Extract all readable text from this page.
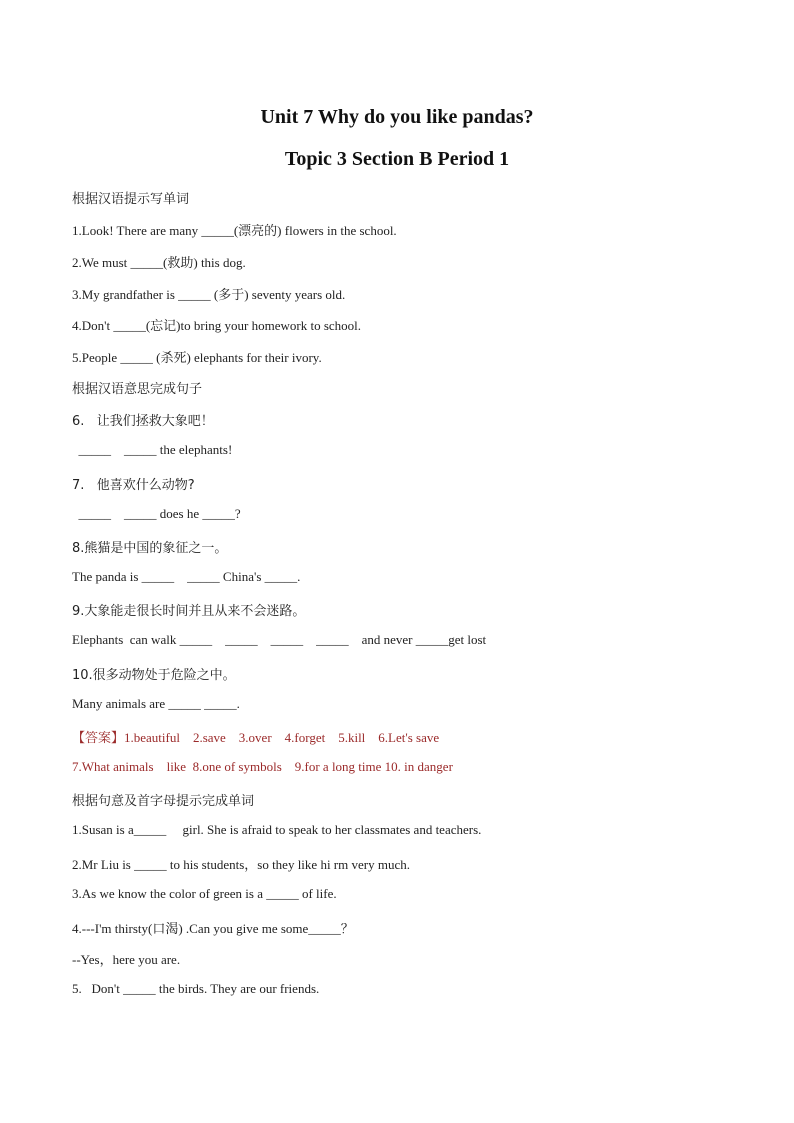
Unit 7 Why do you like pandas?
Topic 3 Section B Period 1
根据汉语提示写单词
1.Look! There are many _____(漂亮的) flowers in the school.
2.We must _____(救助) this dog.
3.My grandfather is _____ (多于) seventy years old.
4.Don't _____(忘记)to bring your homework to school.
5.People _____ (杀死) elephants for their ivory.
根据汉语意思完成句子
6.   让我们拯救大象吧！
_____    _____ the elephants!
7.   他喜欢什么动物?
_____    _____ does he _____?
8.熊猫是中国的象征之一。
The panda is _____    _____ China's _____.
9.大象能走很长时间并且从来不会迷路。
Elephants  can walk _____    _____    _____    _____    and never _____get lost
10.很多动物处于危险之中。
Many animals are _____ _____.
【答案】1.beautiful    2.save    3.over    4.forget    5.kill    6.Let's save
7.What animals    like  8.one of symbols    9.for a long time 10. in danger
根据句意及首字母提示完成单词
1.Susan is a_____     girl. She is afraid to speak to her classmates and teachers.
2.Mr Liu is _____ to his students，so they like hi rm very much.
3.As we know the color of green is a _____ of life.
4.---I'm thirsty(口渴) .Can you give me some_____？
--Yes，here you are.
5.   Don't _____ the birds. They are our friends.
